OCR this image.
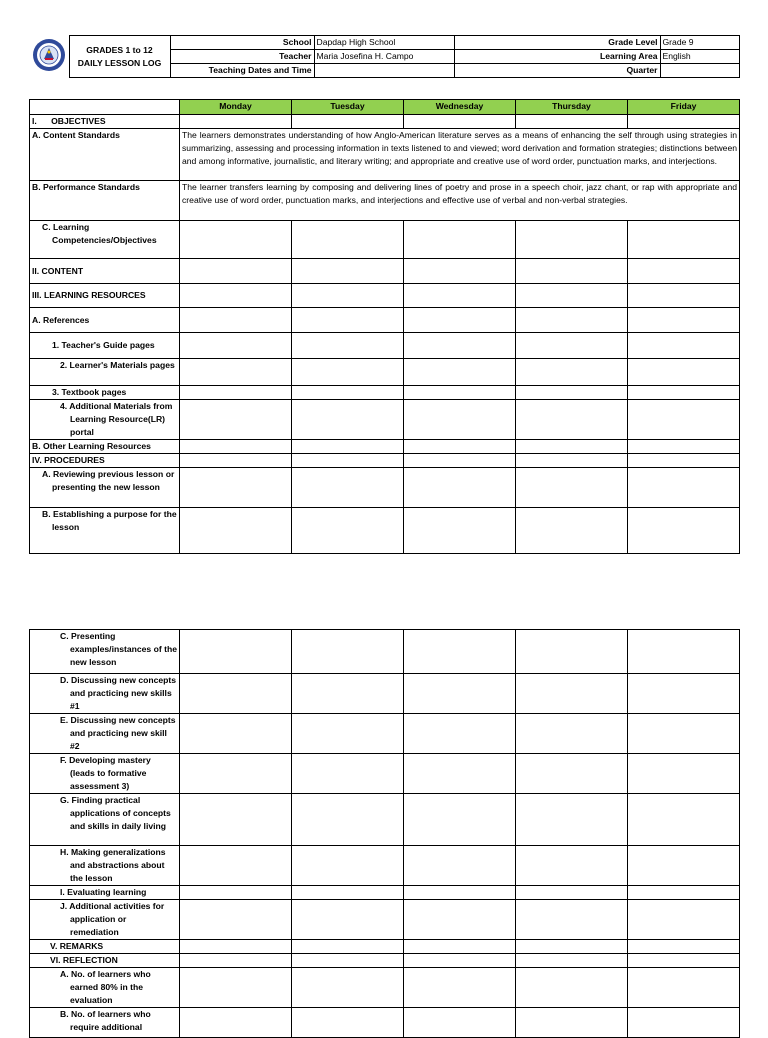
GRADES 1 to 12
DAILY LESSON LOG	School	Dapdap High School	Grade Level	Grade 9
		Teacher	Maria Josefina H. Campo	Learning Area	English
		Teaching Dates and Time		Quarter	
	Monday	Tuesday	Wednesday	Thursday	Friday
I. OBJECTIVES					
A. Content Standards	The learners demonstrates understanding of how Anglo-American literature serves as a means of enhancing the self through using strategies in summarizing, assessing and processing information in texts listened to and viewed; word derivation and formation strategies; distinctions between and among informative, journalistic, and literary writing; and appropriate and creative use of word order, punctuation marks, and interjections.				
B. Performance Standards	The learner transfers learning by composing and delivering lines of poetry and prose in a speech choir, jazz chant, or rap with appropriate and creative use of word order, punctuation marks, and interjections and effective use of verbal and non-verbal strategies.				
C. Learning Competencies/Objectives					
II. CONTENT					
III. LEARNING RESOURCES					
A. References					
1. Teacher's Guide pages					
2. Learner's Materials pages					
3. Textbook pages					
4. Additional Materials from Learning Resource(LR) portal					
B. Other Learning Resources					
IV. PROCEDURES					
A. Reviewing previous lesson or presenting the new lesson					
B. Establishing a purpose for the lesson					
C. Presenting examples/instances of the new lesson					
D. Discussing new concepts and practicing new skills #1					
E. Discussing new concepts and practicing new skill #2					
F. Developing mastery (leads to formative assessment 3)					
G. Finding practical applications of concepts and skills in daily living					
H. Making generalizations and abstractions about the lesson					
I. Evaluating learning					
J. Additional activities for application or remediation					
V. REMARKS					
VI. REFLECTION					
A. No. of learners who earned 80% in the evaluation					
B. No. of learners who require additional					
